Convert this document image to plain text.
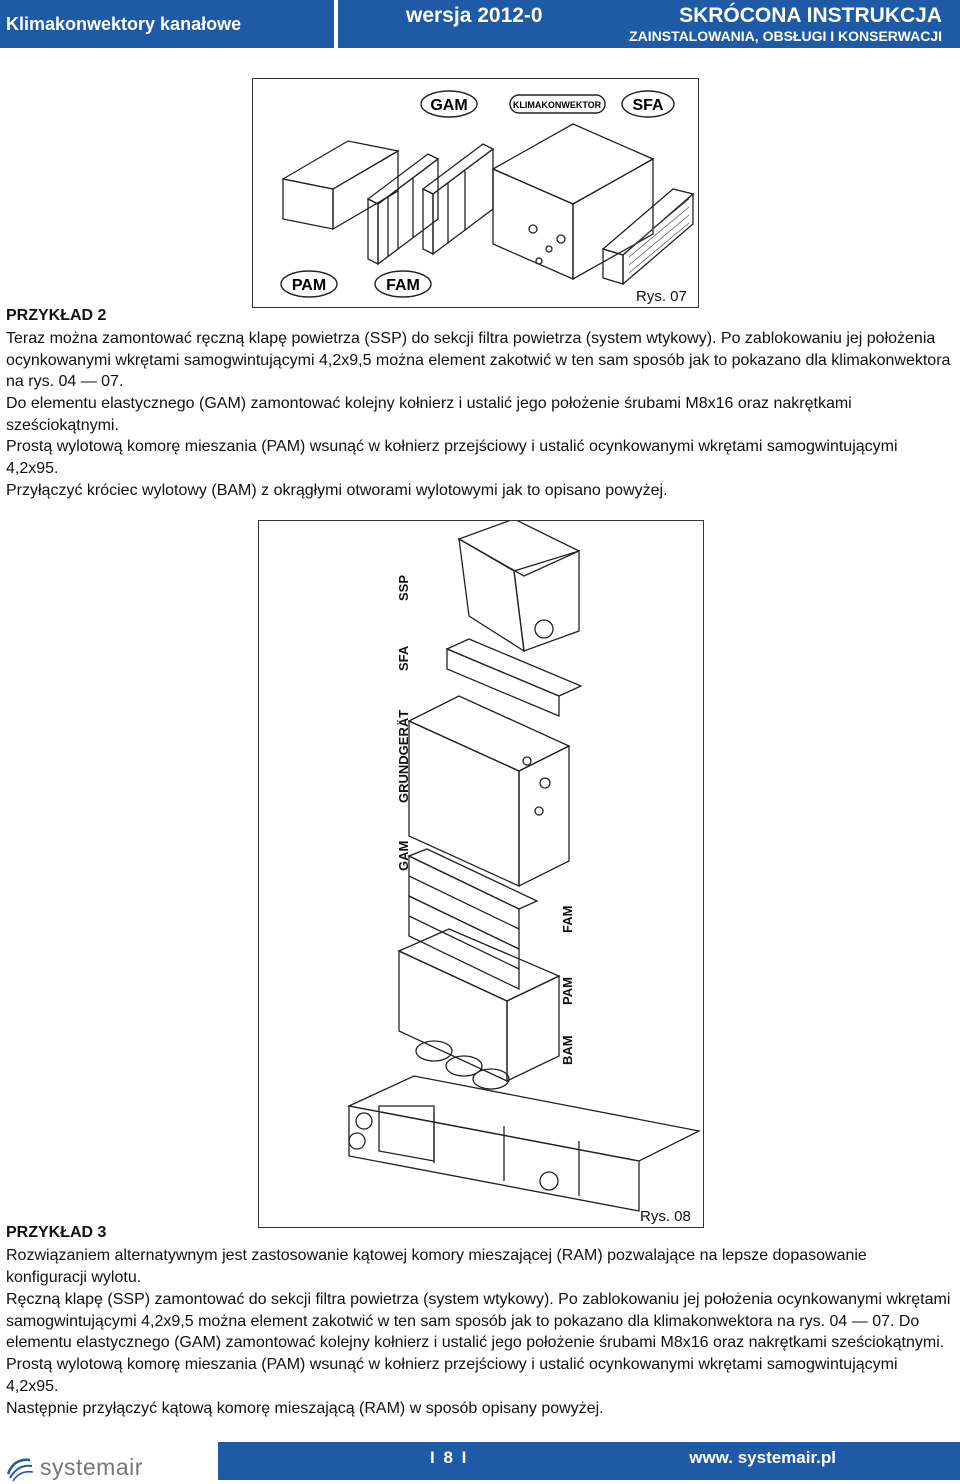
Klimakonwektory kanałowe	wersja 2012-0	SKRÓCONA INSTRUKCJA
ZAINSTALOWANIA, OBSŁUGI I KONSERWACJI
GAM	KLIMAKONWEKTOR SFA
PAM	FAM
Rys. 07
PRZYKŁAD 2

Teraz można zamontować ręczną klapę powietrza (SSP) do sekcji filtra powietrza (system wtykowy). Po zablokowaniu jej położenia ocynkowanymi wkrętami samogwintującymi 4,2x9,5 można element zakotwić w ten sam sposób jak to pokazano dla klimakonwektora na rys. 04 — 07.

Do elementu elastycznego (GAM) zamontować kolejny kołnierz i ustalić jego położenie śrubami M8x16 oraz nakrętkami sześciokątnymi.

Prostą wylotową komorę mieszania (PAM) wsunąć w kołnierz przejściowy i ustalić ocynkowanymi wkrętami samogwintującymi 4,2x95.

Przyłączyć króciec wylotowy (BAM) z okrągłymi otworami wylotowymi jak to opisano powyżej.

SSP
SFA
GRUNDGERÄT
GAM
FAM
PAM
BAM
Rys. 08
PRZYKŁAD 3

Rozwiązaniem alternatywnym jest zastosowanie kątowej komory mieszającej (RAM) pozwalające na lepsze dopasowanie konfiguracji wylotu.

Ręczną klapę (SSP) zamontować do sekcji filtra powietrza (system wtykowy). Po zablokowaniu jej położenia ocynkowanymi wkrętami samogwintującymi 4,2x9,5 można element zakotwić w ten sam sposób jak to pokazano dla klimakonwektora na rys. 04 — 07. Do elementu elastycznego (GAM) zamontować kolejny kołnierz i ustalić jego położenie śrubami M8x16 oraz nakrętkami sześciokątnymi. Prostą wylotową komorę mieszania (PAM) wsunąć w kołnierz przejściowy i ustalić ocynkowanymi wkrętami samogwintującymi 4,2x95.

Następnie przyłączyć kątową komorę mieszającą (RAM) w sposób opisany powyżej.

systemair	I 8 I	www. systemair.pl
